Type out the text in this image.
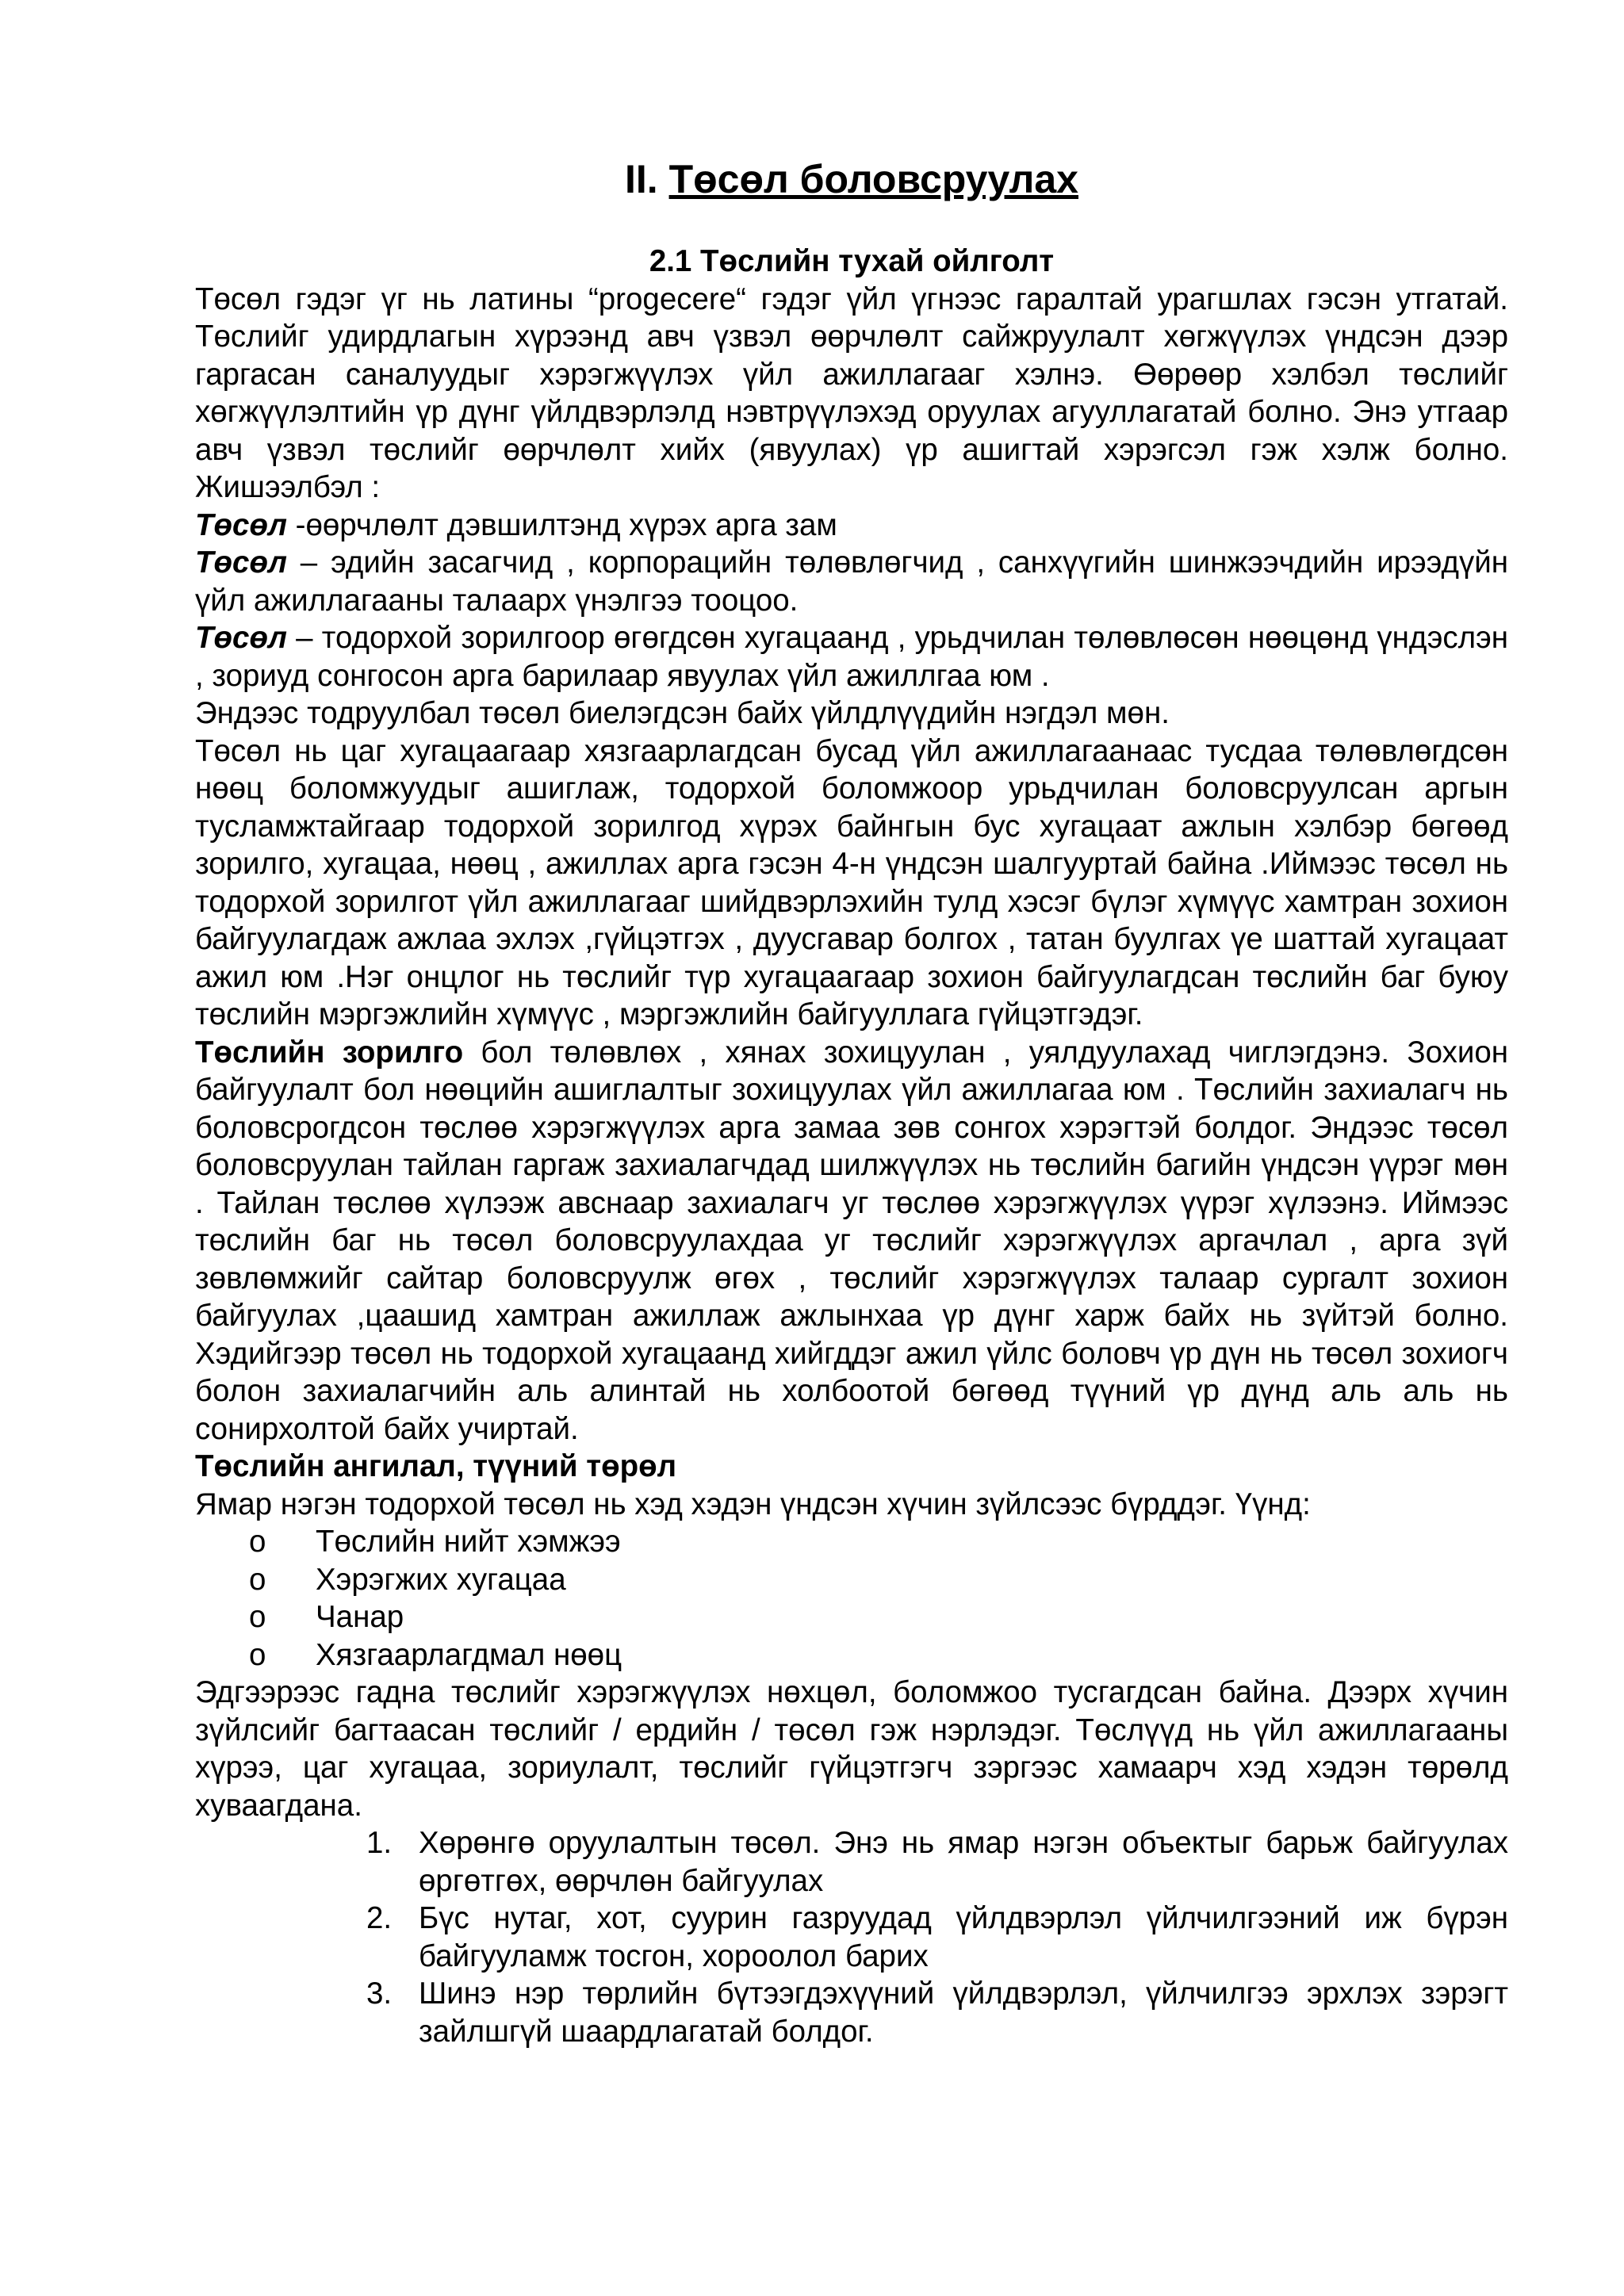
II. Төсөл боловсруулах
2.1 Төслийн тухай ойлголт

Төсөл гэдэг үг нь латины “progecere“ гэдэг үйл үгнээс гаралтай урагшлах гэсэн утгатай. Төслийг удирдлагын хүрээнд авч үзвэл өөрчлөлт сайжруулалт хөгжүүлэх үндсэн дээр гаргасан саналуудыг хэрэгжүүлэх үйл ажиллагааг хэлнэ. Өөрөөр хэлбэл төслийг хөгжүүлэлтийн үр дүнг үйлдвэрлэлд нэвтрүүлэхэд оруулах агууллагатай болно. Энэ утгаар авч үзвэл төслийг өөрчлөлт хийх (явуулах) үр ашигтай хэрэгсэл гэж хэлж болно. Жишээлбэл :

Төсөл -өөрчлөлт дэвшилтэнд хүрэх арга зам

Төсөл – эдийн засагчид , корпорацийн төлөвлөгчид , санхүүгийн шинжээчдийн ирээдүйн үйл ажиллагааны талаарх үнэлгээ тооцоо.

Төсөл – тодорхой зорилгоор өгөгдсөн хугацаанд , урьдчилан төлөвлөсөн нөөцөнд үндэслэн , зориуд сонгосон арга барилаар явуулах үйл ажиллгаа юм .

Эндээс тодруулбал төсөл биелэгдсэн байх үйлдлүүдийн нэгдэл мөн.

Төсөл нь цаг хугацаагаар хязгаарлагдсан бусад үйл ажиллагаанаас тусдаа төлөвлөгдсөн нөөц боломжуудыг ашиглаж, тодорхой боломжоор урьдчилан боловсруулсан аргын тусламжтайгаар тодорхой зорилгод хүрэх байнгын бус хугацаат ажлын хэлбэр бөгөөд зорилго, хугацаа, нөөц , ажиллах арга гэсэн 4-н үндсэн шалгууртай байна .Иймээс төсөл нь тодорхой зорилгот үйл ажиллагааг шийдвэрлэхийн тулд хэсэг бүлэг хүмүүс хамтран зохион байгуулагдаж ажлаа эхлэх ,гүйцэтгэх , дуусгавар болгох , татан буулгах үе шаттай хугацаат ажил юм .Нэг онцлог нь төслийг түр хугацаагаар зохион байгуулагдсан төслийн баг буюу төслийн мэргэжлийн хүмүүс , мэргэжлийн байгууллага гүйцэтгэдэг.

Төслийн зорилго бол төлөвлөх , хянах зохицуулан , уялдуулахад чиглэгдэнэ. Зохион байгуулалт бол нөөцийн ашиглалтыг зохицуулах үйл ажиллагаа юм . Төслийн захиалагч нь боловсрогдсон төслөө хэрэгжүүлэх арга замаа зөв сонгох хэрэгтэй болдог. Эндээс төсөл боловсруулан тайлан гаргаж захиалагчдад шилжүүлэх нь төслийн багийн үндсэн үүрэг мөн . Тайлан төслөө хүлээж авснаар захиалагч уг төслөө хэрэгжүүлэх үүрэг хүлээнэ. Иймээс төслийн баг нь төсөл боловсруулахдаа уг төслийг хэрэгжүүлэх аргачлал , арга зүй зөвлөмжийг сайтар боловсруулж өгөх , төслийг хэрэгжүүлэх талаар сургалт зохион байгуулах ,цаашид хамтран ажиллаж ажлынхаа үр дүнг харж байх нь зүйтэй болно. Хэдийгээр төсөл нь тодорхой хугацаанд хийгддэг ажил үйлс боловч үр дүн нь төсөл зохиогч болон захиалагчийн аль алинтай нь холбоотой бөгөөд түүний үр дүнд аль аль нь сонирхолтой байх учиртай.

Төслийн ангилал, түүний төрөл

Ямар нэгэн тодорхой төсөл нь хэд хэдэн үндсэн хүчин зүйлсээс бүрддэг. Үүнд:

o Төслийн нийт хэмжээ
o Хэрэгжих хугацаа
o Чанар
o Хязгаарлагдмал нөөц

Эдгээрээс гадна төслийг хэрэгжүүлэх нөхцөл, боломжоо тусгагдсан байна. Дээрх хүчин зүйлсийг багтаасан төслийг / ердийн / төсөл гэж нэрлэдэг. Төслүүд нь үйл ажиллагааны хүрээ, цаг хугацаа, зориулалт, төслийг гүйцэтгэгч зэргээс хамаарч хэд хэдэн төрөлд хуваагдана.

1. Хөрөнгө оруулалтын төсөл. Энэ нь ямар нэгэн объектыг барьж байгуулах өргөтгөх, өөрчлөн байгуулах
2. Бүс нутаг, хот, суурин газруудад үйлдвэрлэл үйлчилгээний иж бүрэн байгууламж тосгон, хороолол барих
3. Шинэ нэр төрлийн бүтээгдэхүүний үйлдвэрлэл, үйлчилгээ эрхлэх зэрэгт зайлшгүй шаардлагатай болдог.
